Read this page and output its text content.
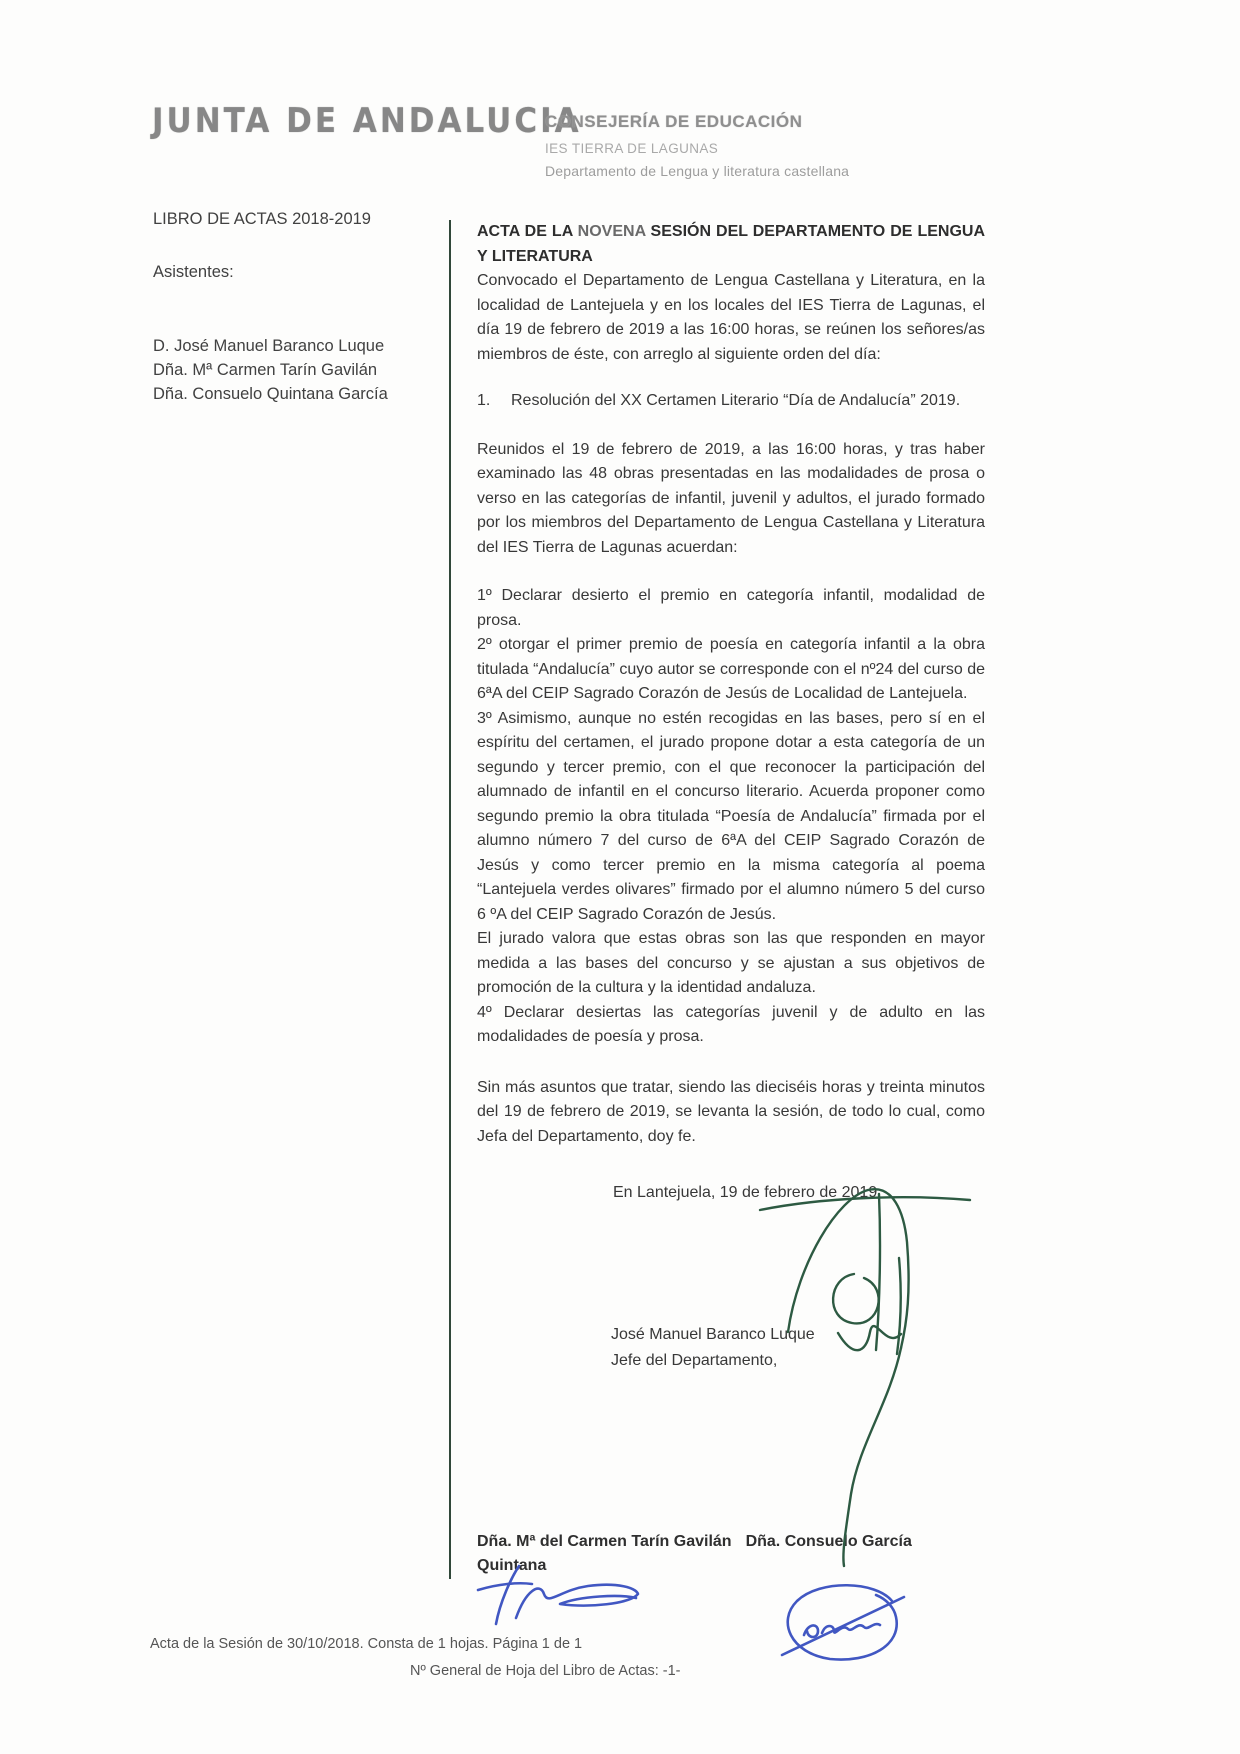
JUNTA DE ANDALUCIA
CONSEJERÍA DE EDUCACIÓN
IES TIERRA DE LAGUNAS
Departamento de Lengua y literatura castellana
LIBRO DE ACTAS 2018-2019
Asistentes:
D. José Manuel Baranco Luque
Dña. Mª Carmen Tarín Gavilán
Dña. Consuelo Quintana García

ACTA DE LA NOVENA SESIÓN DEL DEPARTAMENTO DE LENGUA Y LITERATURA

Convocado el Departamento de Lengua Castellana y Literatura, en la localidad de Lantejuela y en los locales del IES Tierra de Lagunas, el día 19 de febrero de 2019 a las 16:00 horas, se reúnen los señores/as miembros de éste, con arreglo al siguiente orden del día:

1.	Resolución del XX Certamen Literario “Día de Andalucía” 2019.

Reunidos el 19 de febrero de 2019, a las 16:00 horas, y tras haber examinado las 48 obras presentadas en las modalidades de prosa o verso en las categorías de infantil, juvenil y adultos, el jurado formado por los miembros del Departamento de Lengua Castellana y Literatura del IES Tierra de Lagunas acuerdan:

1º Declarar desierto el premio en categoría infantil, modalidad de prosa.

2º otorgar el primer premio de poesía en categoría infantil a la obra titulada “Andalucía” cuyo autor se corresponde con el nº24 del curso de 6ªA del CEIP Sagrado Corazón de Jesús de Localidad de Lantejuela.

3º Asimismo, aunque no estén recogidas en las bases, pero sí en el espíritu del certamen, el jurado propone dotar a esta categoría de un segundo y tercer premio, con el que reconocer la participación del alumnado de infantil en el concurso literario. Acuerda proponer como segundo premio la obra titulada “Poesía de Andalucía” firmada por el alumno número 7 del curso de 6ªA del CEIP Sagrado Corazón de Jesús y como tercer premio en la misma categoría al poema “Lantejuela verdes olivares” firmado por el alumno número 5 del curso 6 ºA del CEIP Sagrado Corazón de Jesús.

El jurado valora que estas obras son las que responden en mayor medida a las bases del concurso y se ajustan a sus objetivos de promoción de la cultura y la identidad andaluza.

4º Declarar desiertas las categorías juvenil y de adulto en las modalidades de poesía y prosa.

Sin más asuntos que tratar, siendo las dieciséis horas y treinta minutos del 19 de febrero de 2019, se levanta la sesión, de todo lo cual, como Jefa del Departamento, doy fe.

En Lantejuela, 19 de febrero de 2019

José Manuel Baranco Luque
Jefe del Departamento,

Dña. Mª del Carmen Tarín Gavilán Dña. Consuelo García Quintana

Acta de la Sesión de 30/10/2018. Consta de 1 hojas. Página 1 de 1
Nº General de Hoja del Libro de Actas: -1-
